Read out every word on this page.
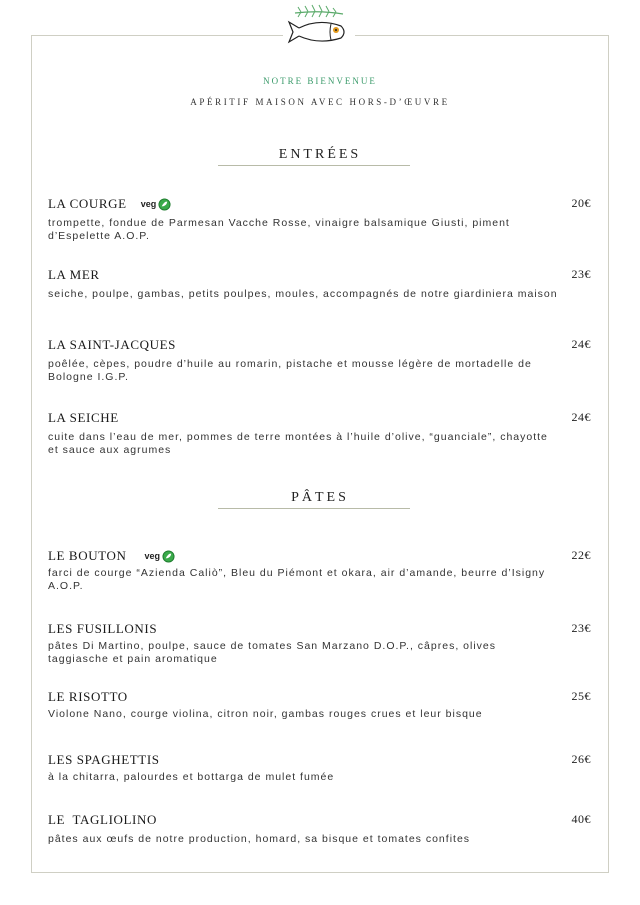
NOTRE BIENVENUE
APÉRITIF MAISON AVEC HORS-D’ŒUVRE
ENTRÉES
LA COURGE veg	20€
trompette, fondue de Parmesan Vacche Rosse, vinaigre balsamique Giusti, piment d’Espelette A.O.P.
LA MER	23€
seiche, poulpe, gambas, petits poulpes, moules, accompagnés de notre giardiniera maison
LA SAINT-JACQUES	24€
poêlée, cèpes, poudre d’huile au romarin, pistache et mousse légère de mortadelle de Bologne I.G.P.
LA SEICHE	24€
cuite dans l’eau de mer, pommes de terre montées à l’huile d’olive, “guanciale”, chayotte et sauce aux agrumes
PÂTES
LE BOUTON veg	22€
farci de courge “Azienda Caliò”, Bleu du Piémont et okara, air d’amande, beurre d’Isigny A.O.P.
LES FUSILLONIS	23€
pâtes Di Martino, poulpe, sauce de tomates San Marzano D.O.P., câpres, olives taggiasche et pain aromatique
LE RISOTTO	25€
Violone Nano, courge violina, citron noir, gambas rouges crues et leur bisque
LES SPAGHETTIS	26€
à la chitarra, palourdes et bottarga de mulet fumée
LE  TAGLIOLINO	40€
pâtes aux œufs de notre production, homard, sa bisque et tomates confites
